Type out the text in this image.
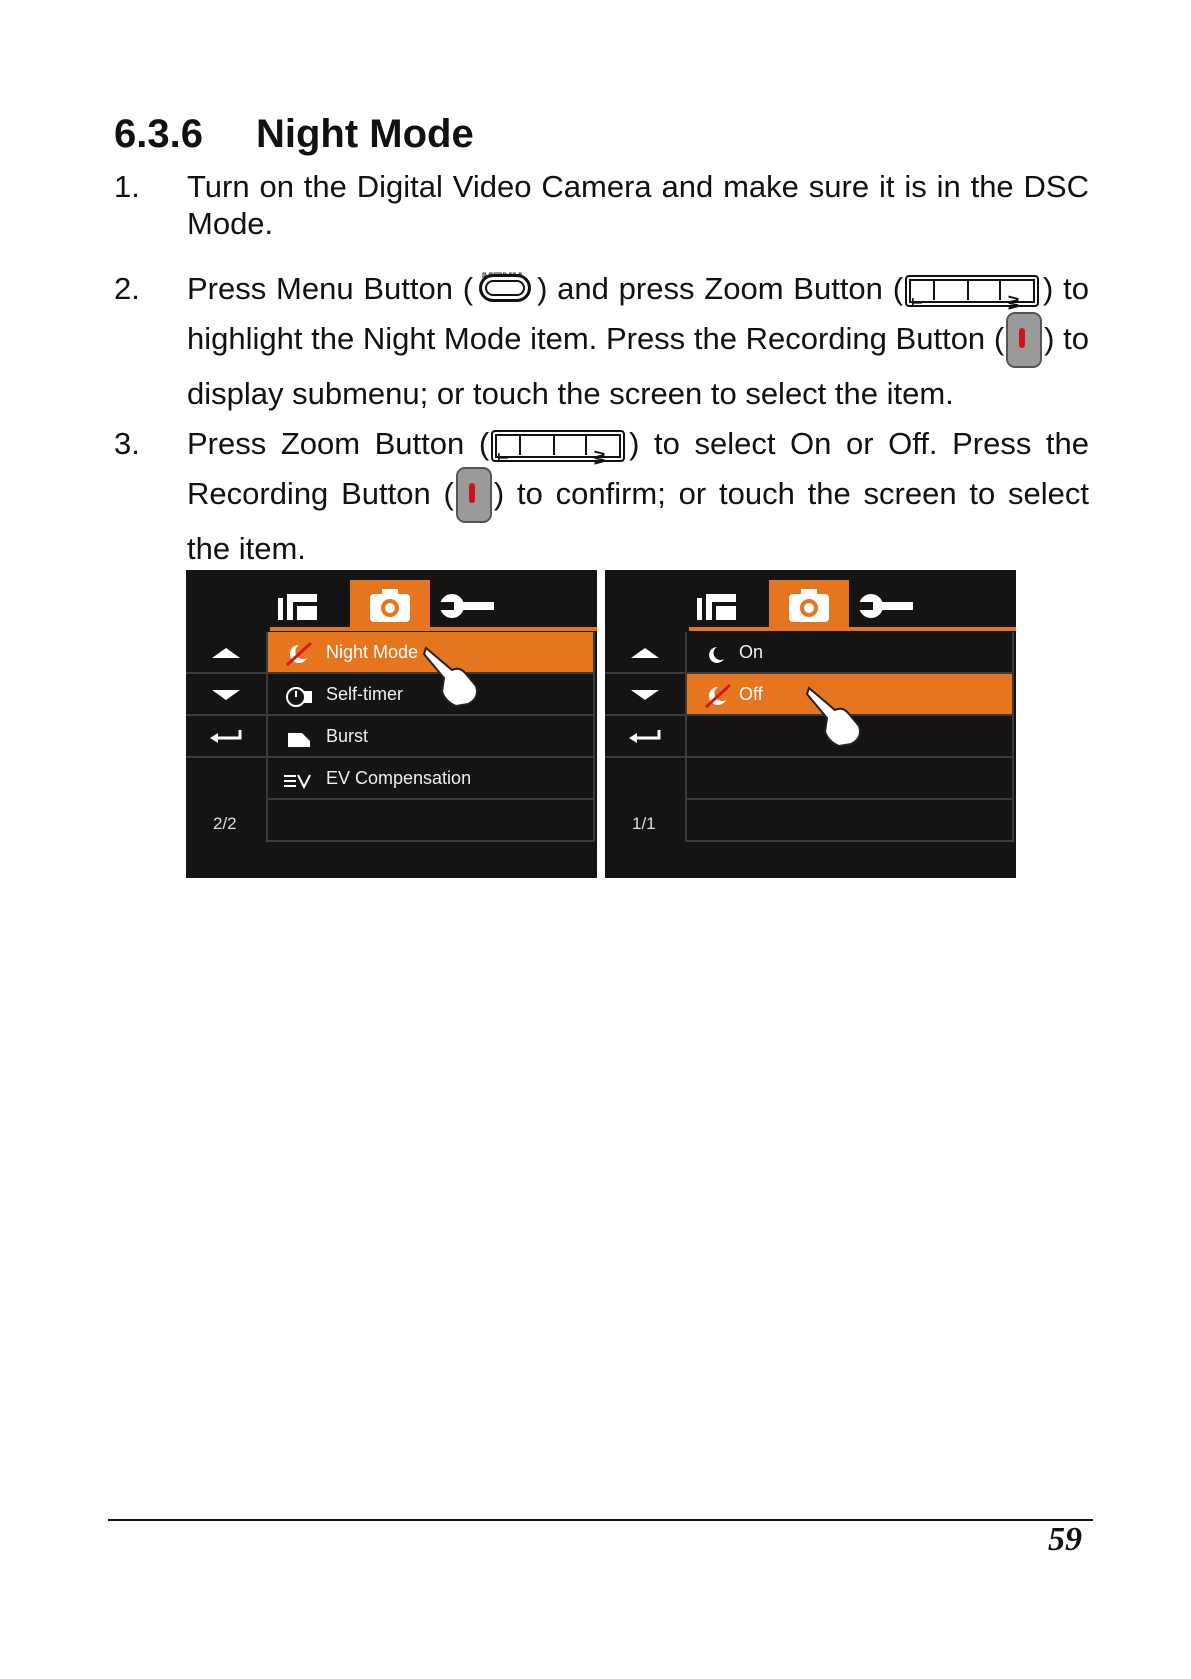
6.3.6 Night Mode
1. Turn on the Digital Video Camera and make sure it is in the DSC Mode.
2. Press Menu Button ( ) and press Zoom Button ( T	W ) to highlight the Night Mode item. Press the Recording Button ( ) to display submenu; or touch the screen to select the item.
3. Press Zoom Button ( T	W ) to select On or Off. Press the Recording Button ( ) to confirm; or touch the screen to select the item.
2/2
Night Mode
Self-timer
Burst
EV Compensation
1/1
On
Off
59
